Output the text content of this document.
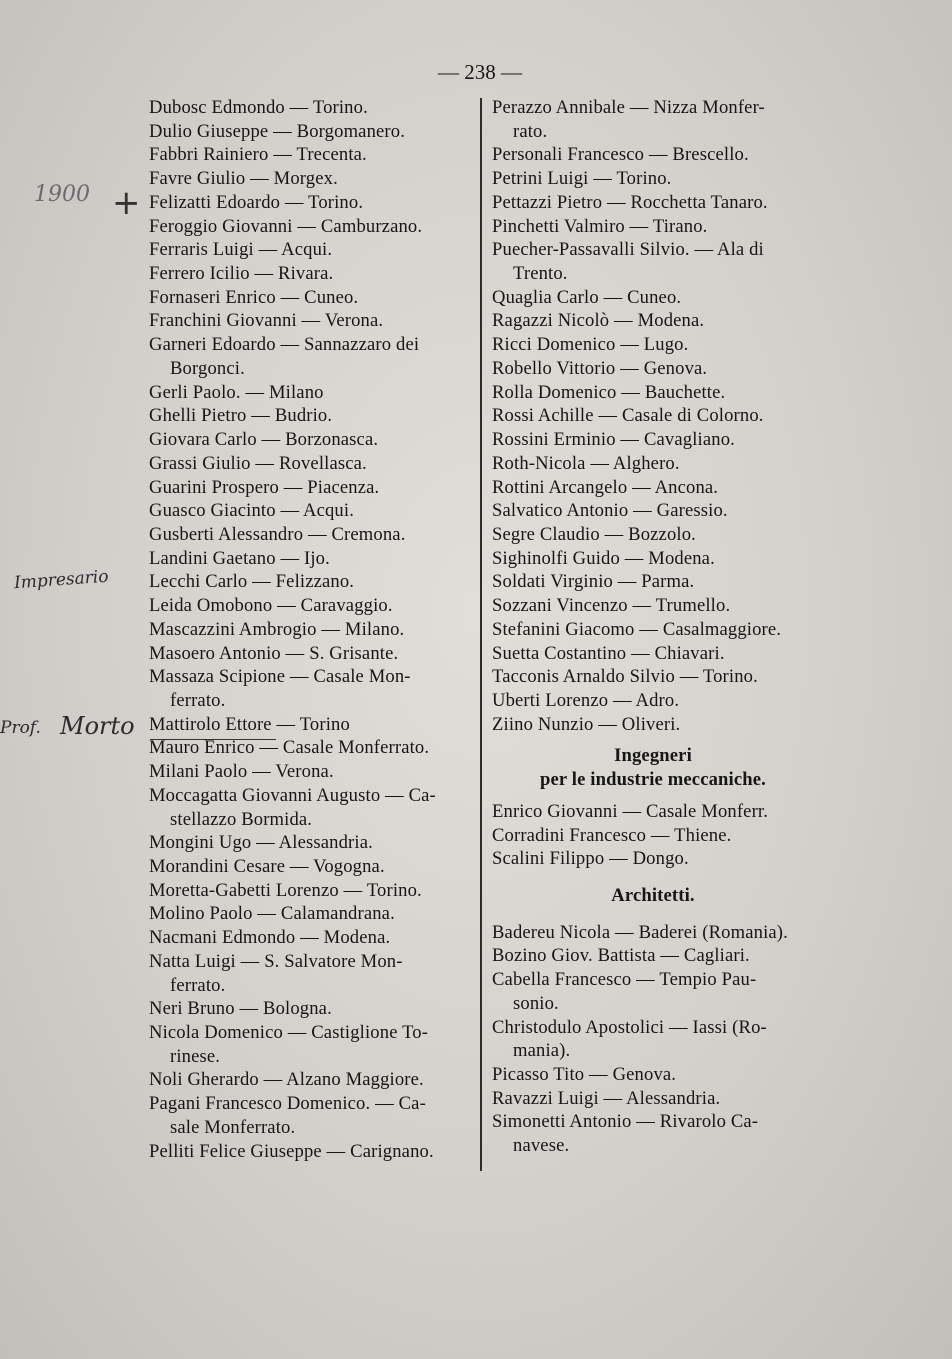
— 238 —
1900 +
Impresario
Prof. Morto

Dubosc Edmondo — Torino.

Dulio Giuseppe — Borgomanero.

Fabbri Rainiero — Trecenta.

Favre Giulio — Morgex.

Felizatti Edoardo — Torino.

Feroggio Giovanni — Camburzano.

Ferraris Luigi — Acqui.

Ferrero Icilio — Rivara.

Fornaseri Enrico — Cuneo.

Franchini Giovanni — Verona.

Garneri Edoardo — Sannazzaro dei
Borgonci.

Gerli Paolo. — Milano

Ghelli Pietro — Budrio.

Giovara Carlo — Borzonasca.

Grassi Giulio — Rovellasca.

Guarini Prospero — Piacenza.

Guasco Giacinto — Acqui.

Gusberti Alessandro — Cremona.

Landini Gaetano — Ijo.

Lecchi Carlo — Felizzano.

Leida Omobono — Caravaggio.

Mascazzini Ambrogio — Milano.

Masoero Antonio — S. Grisante.

Massaza Scipione — Casale Mon-
ferrato.

Mattirolo Ettore — Torino

Mauro Enrico — Casale Monferrato.

Milani Paolo — Verona.

Moccagatta Giovanni Augusto — Ca-
stellazzo Bormida.

Mongini Ugo — Alessandria.

Morandini Cesare — Vogogna.

Moretta-Gabetti Lorenzo — Torino.

Molino Paolo — Calamandrana.

Nacmani Edmondo — Modena.

Natta Luigi — S. Salvatore Mon-
ferrato.

Neri Bruno — Bologna.

Nicola Domenico — Castiglione To-
rinese.

Noli Gherardo — Alzano Maggiore.

Pagani Francesco Domenico. — Ca-
sale Monferrato.

Pelliti Felice Giuseppe — Carignano.

Perazzo Annibale — Nizza Monfer-
rato.

Personali Francesco — Brescello.

Petrini Luigi — Torino.

Pettazzi Pietro — Rocchetta Tanaro.

Pinchetti Valmiro — Tirano.

Puecher-Passavalli Silvio. — Ala di
Trento.

Quaglia Carlo — Cuneo.

Ragazzi Nicolò — Modena.

Ricci Domenico — Lugo.

Robello Vittorio — Genova.

Rolla Domenico — Bauchette.

Rossi Achille — Casale di Colorno.

Rossini Erminio — Cavagliano.

Roth-Nicola — Alghero.

Rottini Arcangelo — Ancona.

Salvatico Antonio — Garessio.

Segre Claudio — Bozzolo.

Sighinolfi Guido — Modena.

Soldati Virginio — Parma.

Sozzani Vincenzo — Trumello.

Stefanini Giacomo — Casalmaggiore.

Suetta Costantino — Chiavari.

Tacconis Arnaldo Silvio — Torino.

Uberti Lorenzo — Adro.

Ziino Nunzio — Oliveri.

Ingegneri

per le industrie meccaniche.

Enrico Giovanni — Casale Monferr.

Corradini Francesco — Thiene.

Scalini Filippo — Dongo.

Architetti.

Badereu Nicola — Baderei (Romania).

Bozino Giov. Battista — Cagliari.

Cabella Francesco — Tempio Pau-
sonio.

Christodulo Apostolici — Iassi (Ro-
mania).

Picasso Tito — Genova.

Ravazzi Luigi — Alessandria.

Simonetti Antonio — Rivarolo Ca-
navese.
